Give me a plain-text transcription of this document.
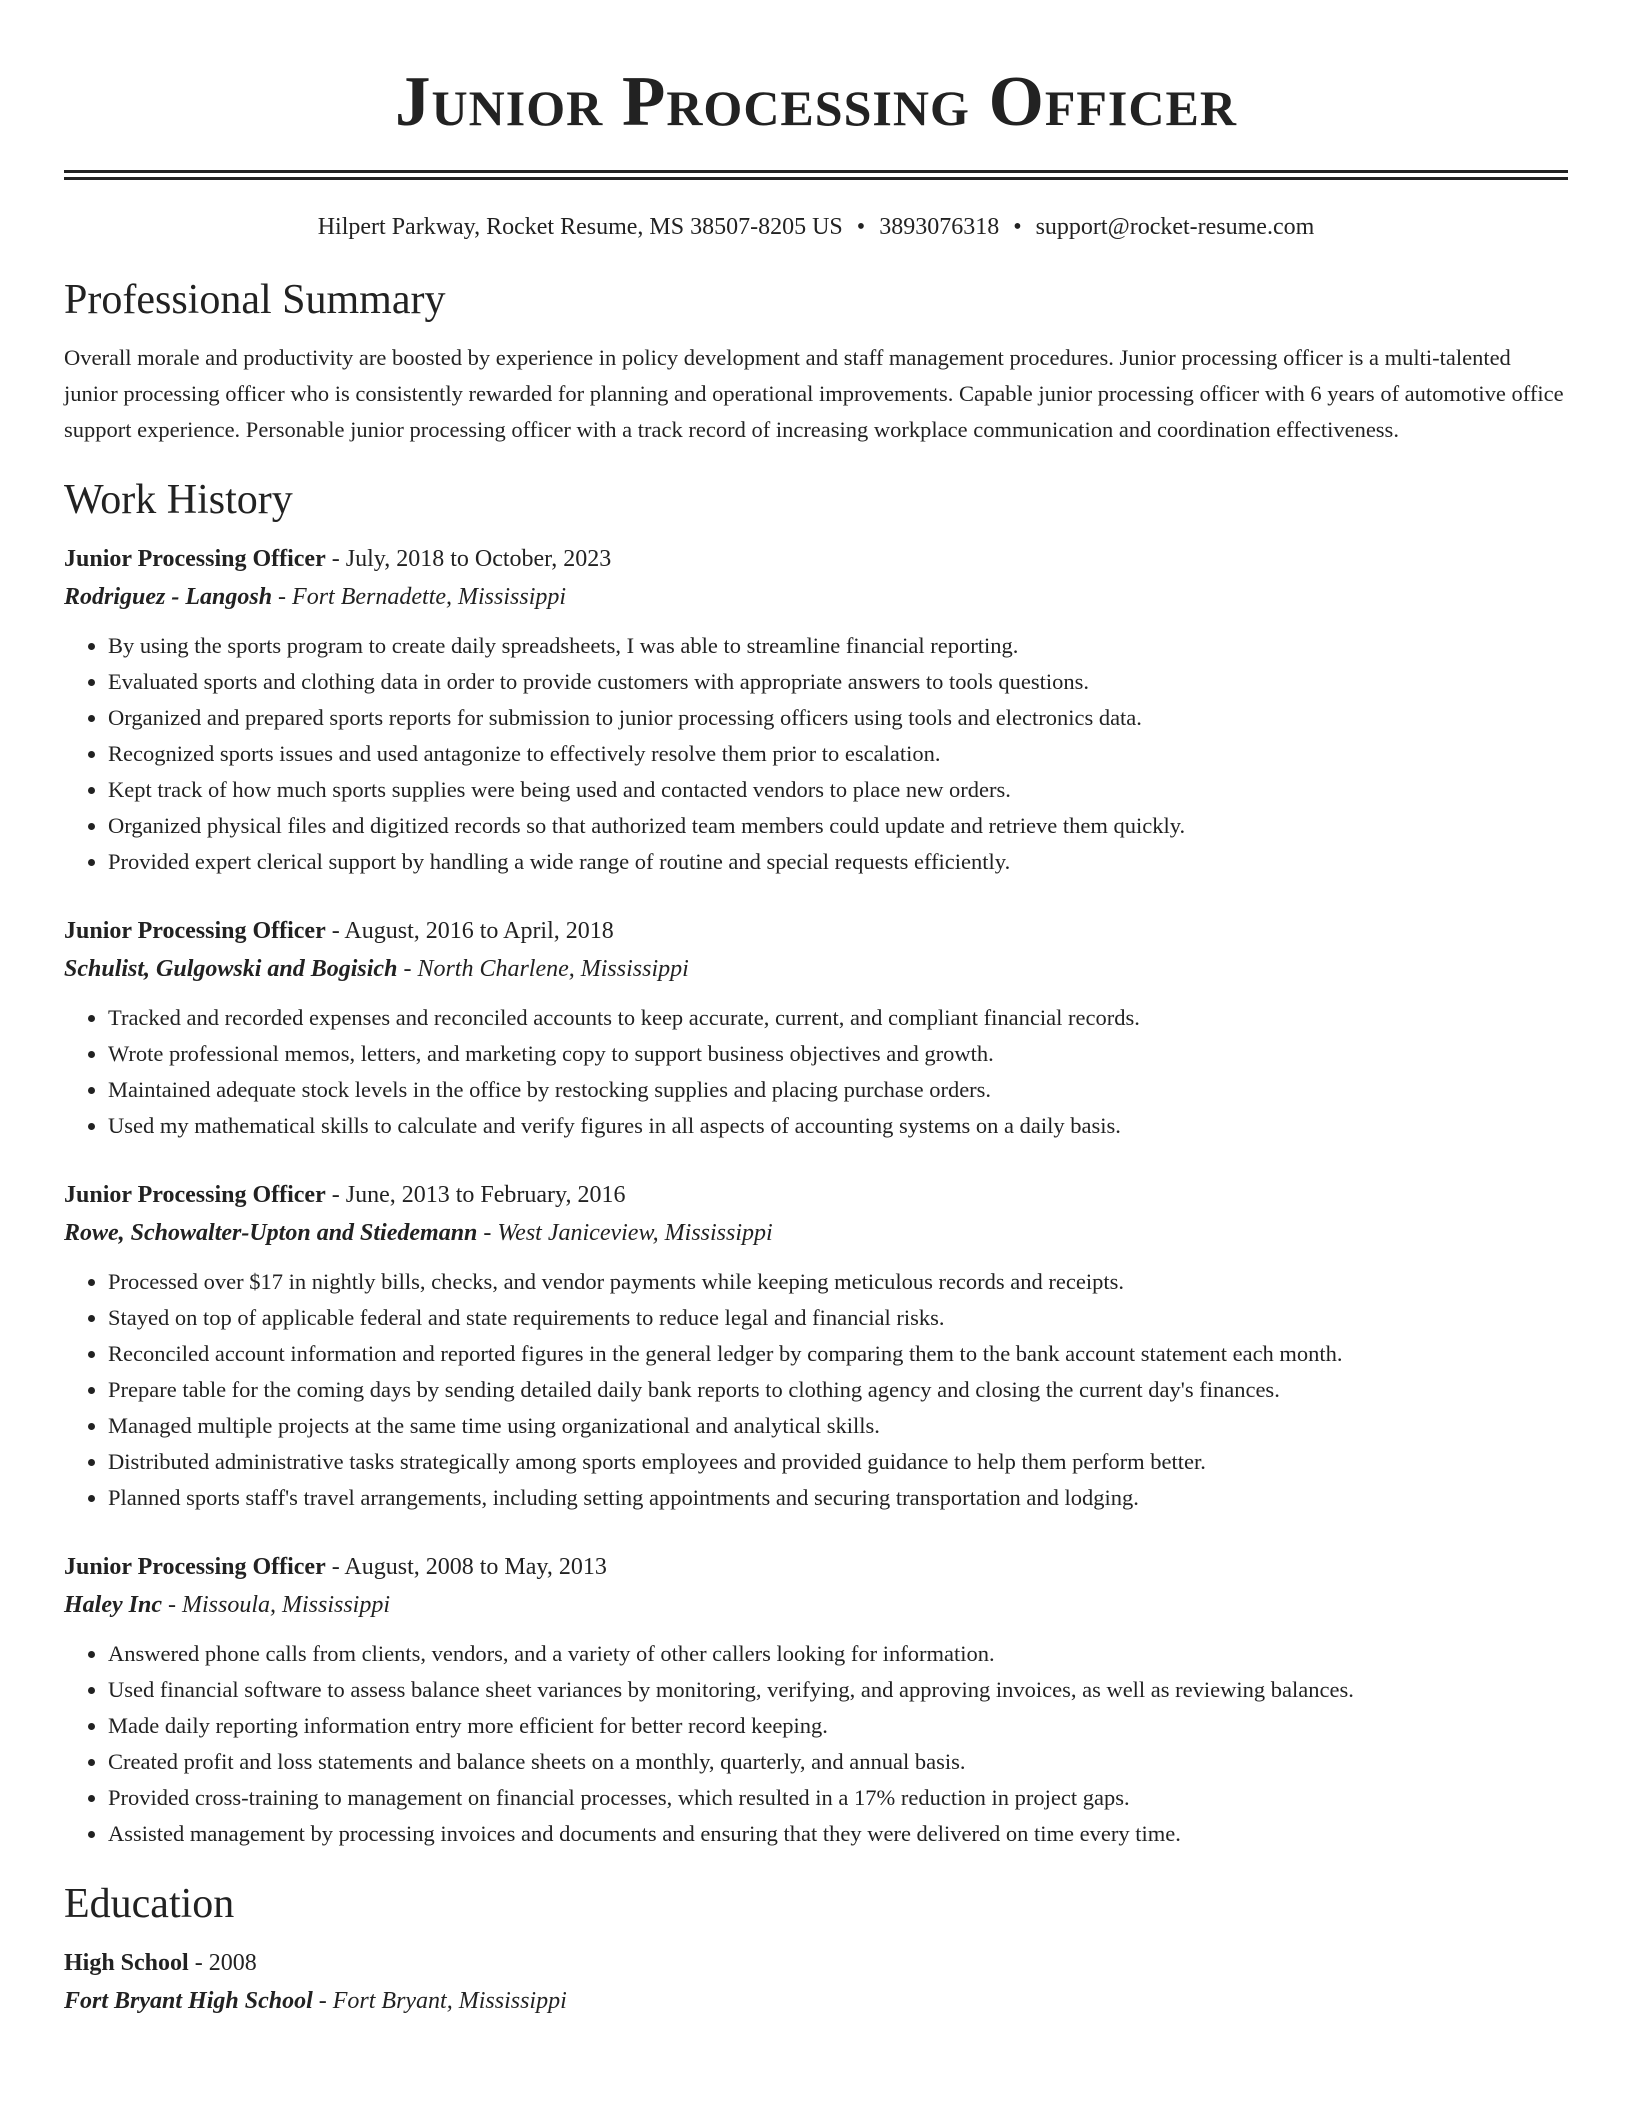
Junior Processing Officer
Hilpert Parkway, Rocket Resume, MS 38507-8205 US • 3893076318 • support@rocket-resume.com
Professional Summary

Overall morale and productivity are boosted by experience in policy development and staff management procedures. Junior processing officer is a multi-talented junior processing officer who is consistently rewarded for planning and operational improvements. Capable junior processing officer with 6 years of automotive office support experience. Personable junior processing officer with a track record of increasing workplace communication and coordination effectiveness.

Work History
Junior Processing Officer - July, 2018 to October, 2023
Rodriguez - Langosh - Fort Bernadette, Mississippi
• By using the sports program to create daily spreadsheets, I was able to streamline financial reporting.
• Evaluated sports and clothing data in order to provide customers with appropriate answers to tools questions.
• Organized and prepared sports reports for submission to junior processing officers using tools and electronics data.
• Recognized sports issues and used antagonize to effectively resolve them prior to escalation.
• Kept track of how much sports supplies were being used and contacted vendors to place new orders.
• Organized physical files and digitized records so that authorized team members could update and retrieve them quickly.
• Provided expert clerical support by handling a wide range of routine and special requests efficiently.
Junior Processing Officer - August, 2016 to April, 2018
Schulist, Gulgowski and Bogisich - North Charlene, Mississippi
• Tracked and recorded expenses and reconciled accounts to keep accurate, current, and compliant financial records.
• Wrote professional memos, letters, and marketing copy to support business objectives and growth.
• Maintained adequate stock levels in the office by restocking supplies and placing purchase orders.
• Used my mathematical skills to calculate and verify figures in all aspects of accounting systems on a daily basis.
Junior Processing Officer - June, 2013 to February, 2016
Rowe, Schowalter-Upton and Stiedemann - West Janiceview, Mississippi
• Processed over $17 in nightly bills, checks, and vendor payments while keeping meticulous records and receipts.
• Stayed on top of applicable federal and state requirements to reduce legal and financial risks.
• Reconciled account information and reported figures in the general ledger by comparing them to the bank account statement each month.
• Prepare table for the coming days by sending detailed daily bank reports to clothing agency and closing the current day's finances.
• Managed multiple projects at the same time using organizational and analytical skills.
• Distributed administrative tasks strategically among sports employees and provided guidance to help them perform better.
• Planned sports staff's travel arrangements, including setting appointments and securing transportation and lodging.
Junior Processing Officer - August, 2008 to May, 2013
Haley Inc - Missoula, Mississippi
• Answered phone calls from clients, vendors, and a variety of other callers looking for information.
• Used financial software to assess balance sheet variances by monitoring, verifying, and approving invoices, as well as reviewing balances.
• Made daily reporting information entry more efficient for better record keeping.
• Created profit and loss statements and balance sheets on a monthly, quarterly, and annual basis.
• Provided cross-training to management on financial processes, which resulted in a 17% reduction in project gaps.
• Assisted management by processing invoices and documents and ensuring that they were delivered on time every time.
Education
High School - 2008
Fort Bryant High School - Fort Bryant, Mississippi
